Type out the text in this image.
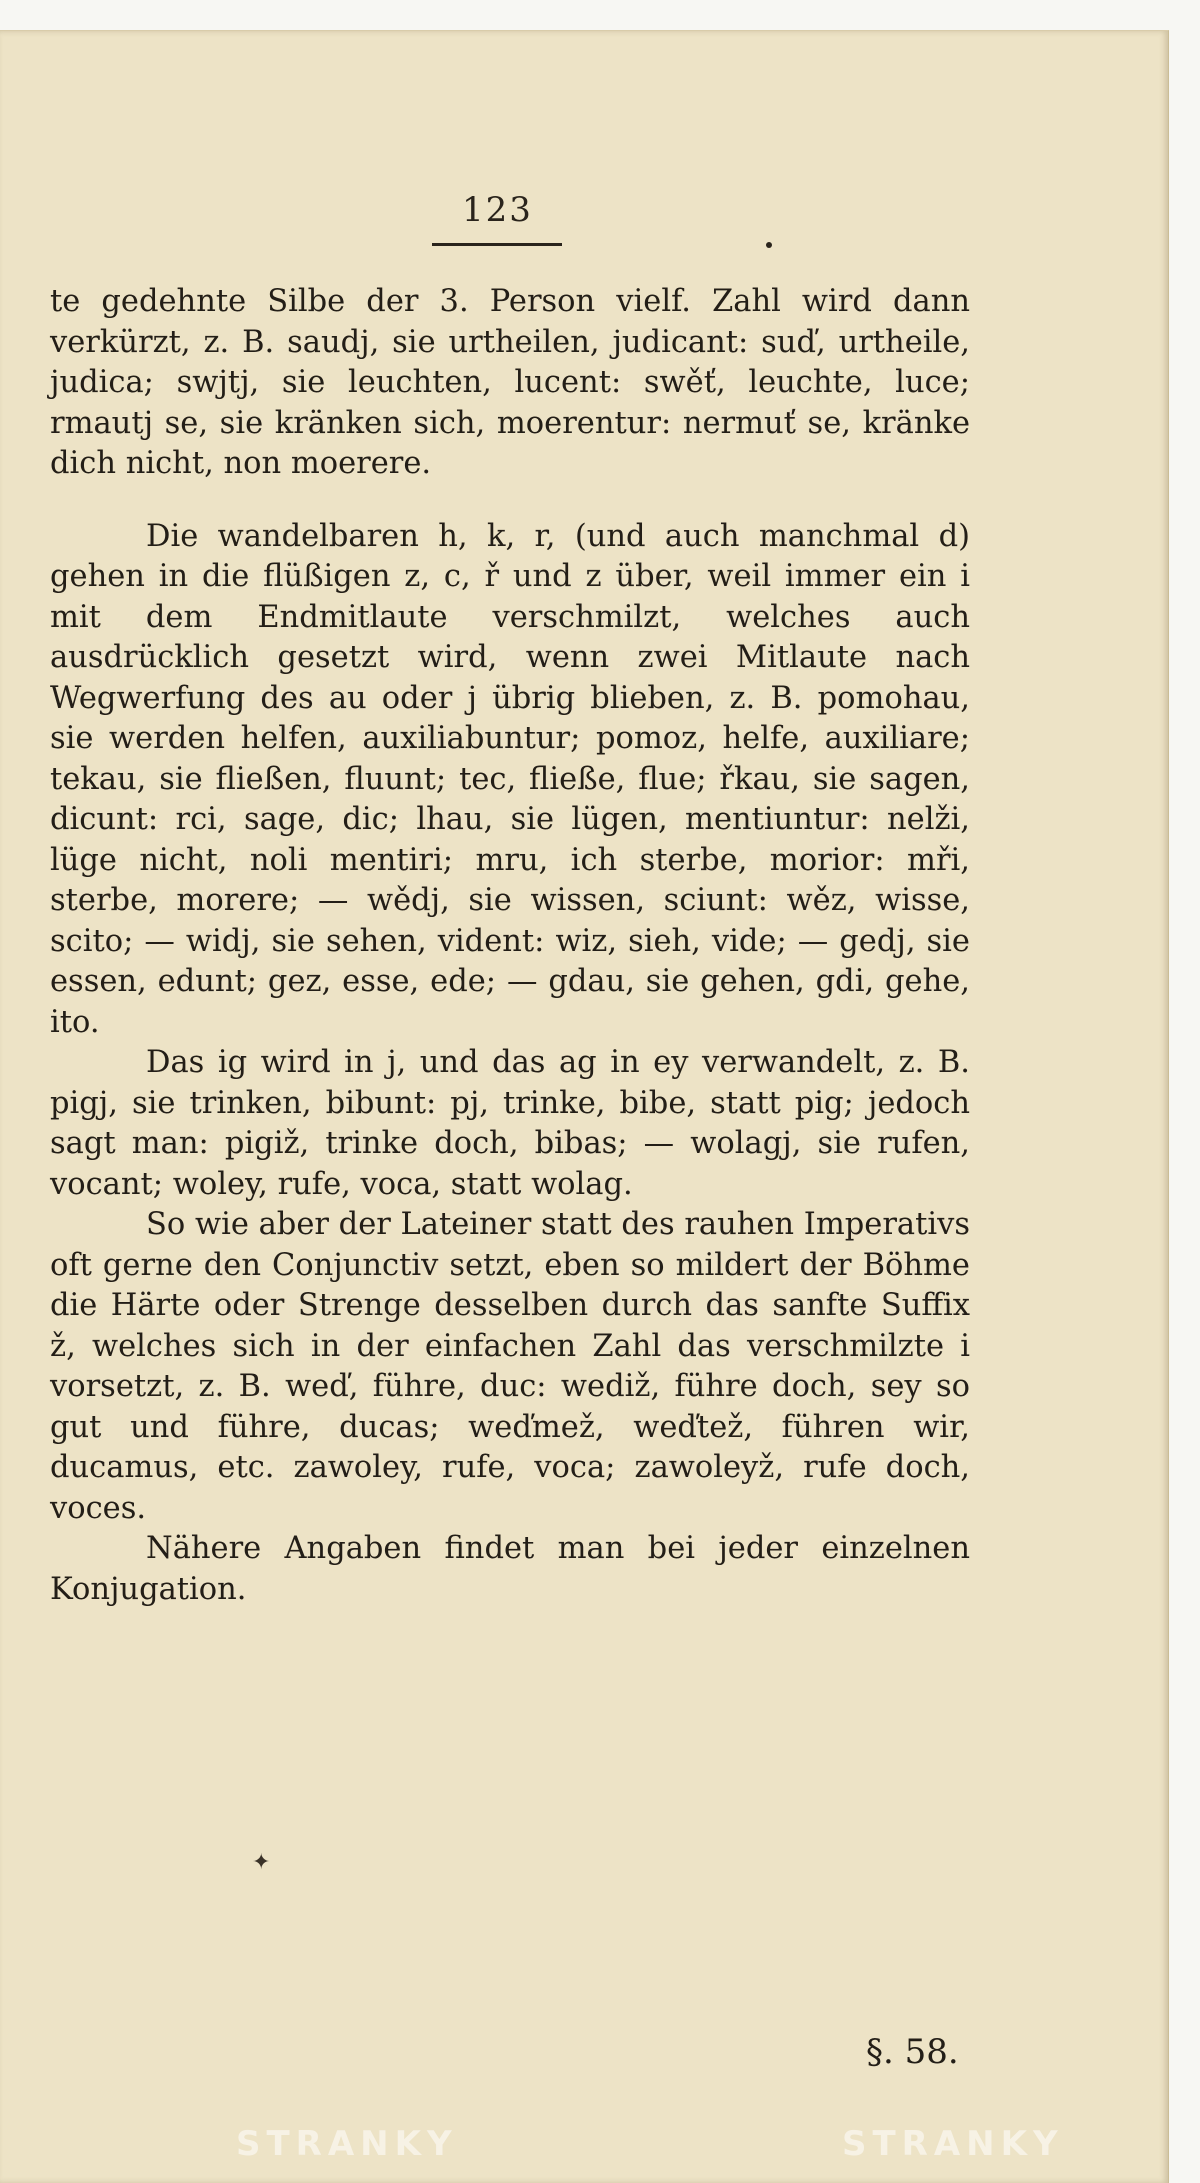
123

te gedehnte Silbe der 3. Person vielf. Zahl wird dann verkürzt, z. B. saudj, sie urtheilen, judicant: suď, urtheile, judica; swjtj, sie leuchten, lucent: swěť, leuchte, luce; rmautj se, sie kränken sich, moerentur: nermuť se, kränke dich nicht, non moerere.

Die wandelbaren h, k, r, (und auch manchmal d) gehen in die flüßigen z, c, ř und z über, weil immer ein i mit dem Endmitlaute verschmilzt, welches auch ausdrücklich gesetzt wird, wenn zwei Mitlaute nach Wegwerfung des au oder j übrig blieben, z. B. pomohau, sie werden helfen, auxiliabuntur; pomoz, helfe, auxiliare; tekau, sie fließen, fluunt; tec, fließe, flue; řkau, sie sagen, dicunt: rci, sage, dic; lhau, sie lügen, mentiuntur: nelži, lüge nicht, noli mentiri; mru, ich sterbe, morior: mři, sterbe, morere; — wědj, sie wissen, sciunt: wěz, wisse, scito; — widj, sie sehen, vident: wiz, sieh, vide; — gedj, sie essen, edunt; gez, esse, ede; — gdau, sie gehen, gdi, gehe, ito.

Das ig wird in j, und das ag in ey verwandelt, z. B. pigj, sie trinken, bibunt: pj, trinke, bibe, statt pig; jedoch sagt man: pigiž, trinke doch, bibas; — wolagj, sie rufen, vocant; woley, rufe, voca, statt wolag.

So wie aber der Lateiner statt des rauhen Imperativs oft gerne den Conjunctiv setzt, eben so mildert der Böhme die Härte oder Strenge desselben durch das sanfte Suffix ž, welches sich in der einfachen Zahl das verschmilzte i vorsetzt, z. B. weď, führe, duc: wediž, führe doch, sey so gut und führe, ducas; weďmež, weďtež, führen wir, ducamus, etc. zawoley, rufe, voca; zawoleyž, rufe doch, voces.

Nähere Angaben findet man bei jeder einzelnen Konjugation.

✦
§. 58.
STRANKY	STRANKY
